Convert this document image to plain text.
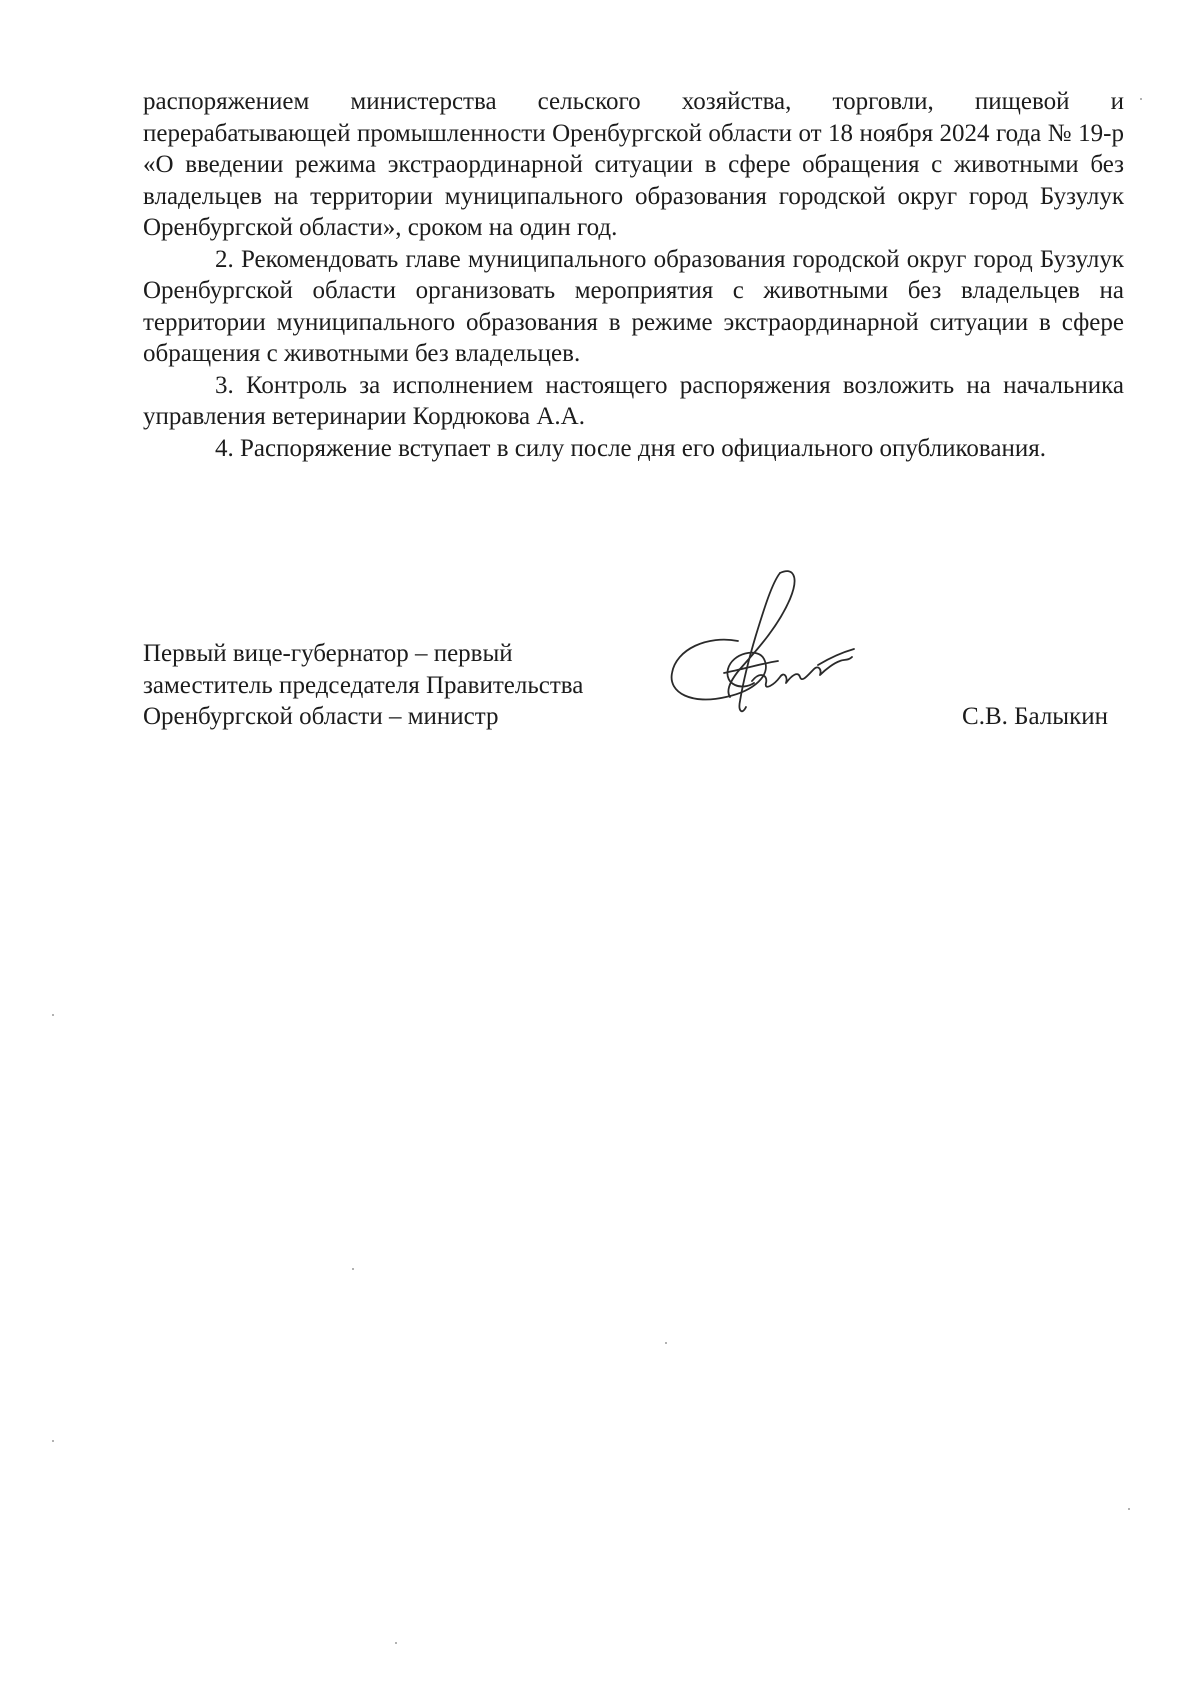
распоряжением министерства сельского хозяйства, торговли, пищевой и перерабатывающей промышленности Оренбургской области от 18 ноября 2024 года № 19-р «О введении режима экстраординарной ситуации в сфере обращения с животными без владельцев на территории муниципального образования городской округ город Бузулук Оренбургской области», сроком на один год.

2. Рекомендовать главе муниципального образования городской округ город Бузулук Оренбургской области организовать мероприятия с животными без владельцев на территории муниципального образования в режиме экстраординарной ситуации в сфере обращения с животными без владельцев.

3. Контроль за исполнением настоящего распоряжения возложить на начальника управления ветеринарии Кордюкова А.А.

4. Распоряжение вступает в силу после дня его официального опубликования.

Первый вице-губернатор – первый
заместитель председателя Правительства
Оренбургской области – министр	С.В. Балыкин
